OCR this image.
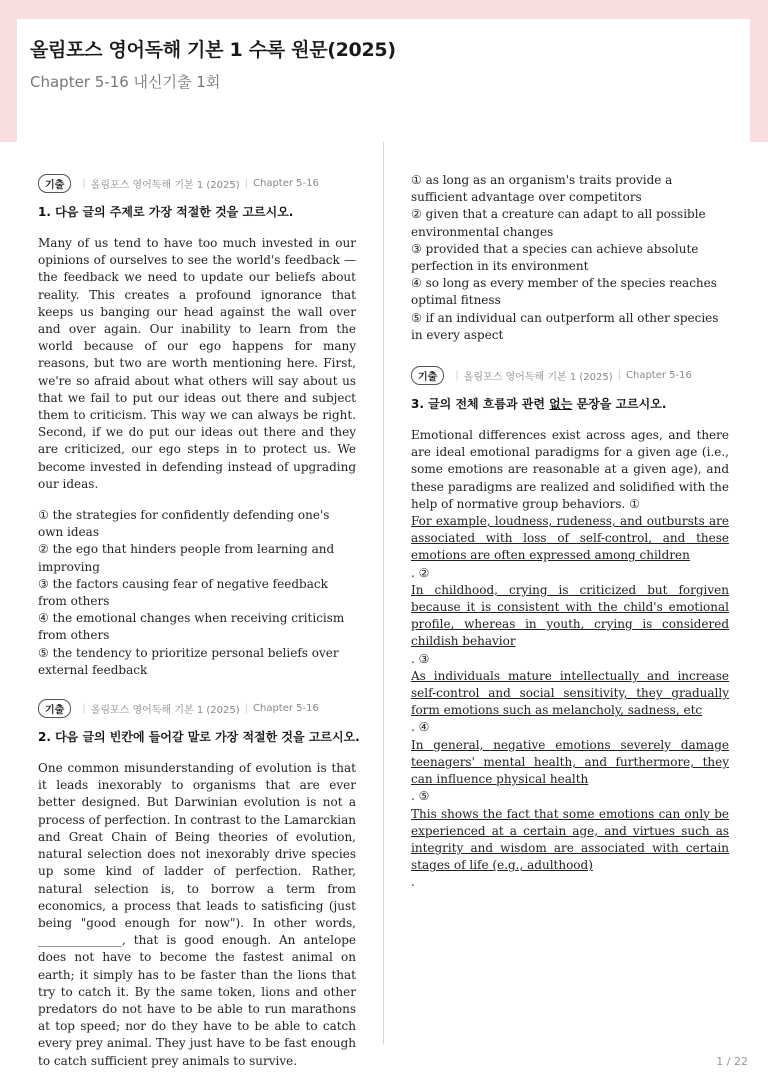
올림포스 영어독해 기본 1 수록 원문(2025)
Chapter 5-16 내신기출 1회
기출	| 올림포스 영어독해 기본 1 (2025) | Chapter 5-16
1. 다음 글의 주제로 가장 적절한 것을 고르시오.

Many of us tend to have too much invested in our opinions of ourselves to see the world's feedback — the feedback we need to update our beliefs about reality. This creates a profound ignorance that keeps us banging our head against the wall over and over again. Our inability to learn from the world because of our ego happens for many reasons, but two are worth mentioning here. First, we're so afraid about what others will say about us that we fail to put our ideas out there and subject them to criticism. This way we can always be right. Second, if we do put our ideas out there and they are criticized, our ego steps in to protect us. We become invested in defending instead of upgrading our ideas.

① the strategies for confidently defending one's own ideas
② the ego that hinders people from learning and improving
③ the factors causing fear of negative feedback from others
④ the emotional changes when receiving criticism from others
⑤ the tendency to prioritize personal beliefs over external feedback
기출	| 올림포스 영어독해 기본 1 (2025) | Chapter 5-16
2. 다음 글의 빈칸에 들어갈 말로 가장 적절한 것을 고르시오.

One common misunderstanding of evolution is that it leads inexorably to organisms that are ever better designed. But Darwinian evolution is not a process of perfection. In contrast to the Lamarckian and Great Chain of Being theories of evolution, natural selection does not inexorably drive species up some kind of ladder of perfection. Rather, natural selection is, to borrow a term from economics, a process that leads to satisficing (just being "good enough for now"). In other words, ______________, that is good enough. An antelope does not have to become the fastest animal on earth; it simply has to be faster than the lions that try to catch it. By the same token, lions and other predators do not have to be able to run marathons at top speed; nor do they have to be able to catch every prey animal. They just have to be fast enough to catch sufficient prey animals to survive.

① as long as an organism's traits provide a sufficient advantage over competitors
② given that a creature can adapt to all possible environmental changes
③ provided that a species can achieve absolute perfection in its environment
④ so long as every member of the species reaches optimal fitness
⑤ if an individual can outperform all other species in every aspect
기출	| 올림포스 영어독해 기본 1 (2025) | Chapter 5-16
3. 글의 전체 흐름과 관련 없는 문장을 고르시오.
Emotional differences exist across ages, and there are ideal emotional paradigms for a given age (i.e., some emotions are reasonable at a given age), and these paradigms are realized and solidified with the help of normative group behaviors. ①
For example, loudness, rudeness, and outbursts are associated with loss of self-control, and these emotions are often expressed among children
. ②
In childhood, crying is criticized but forgiven because it is consistent with the child's emotional profile, whereas in youth, crying is considered childish behavior
. ③
As individuals mature intellectually and increase self-control and social sensitivity, they gradually form emotions such as melancholy, sadness, etc
. ④
In general, negative emotions severely damage teenagers' mental health, and furthermore, they can influence physical health
. ⑤
This shows the fact that some emotions can only be experienced at a certain age, and virtues such as integrity and wisdom are associated with certain stages of life (e.g., adulthood)
.
1 / 22
